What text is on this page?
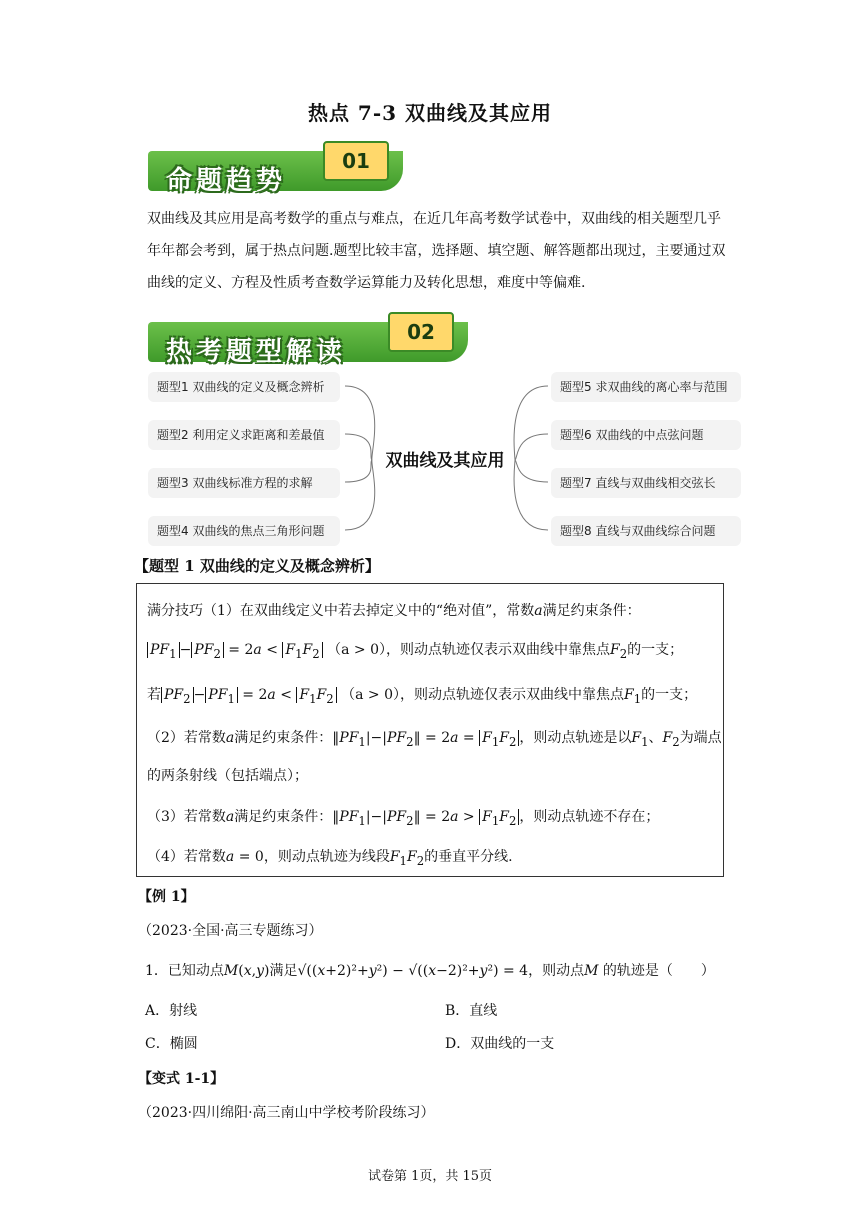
热点 7-3 双曲线及其应用
命题趋势
01
双曲线及其应用是高考数学的重点与难点，在近几年高考数学试卷中，双曲线的相关题型几乎年年都会考到，属于热点问题.题型比较丰富，选择题、填空题、解答题都出现过，主要通过双曲线的定义、方程及性质考查数学运算能力及转化思想，难度中等偏难.
热考题型解读
02
题型1 双曲线的定义及概念辨析
题型2 利用定义求距离和差最值
题型3 双曲线标准方程的求解
题型4 双曲线的焦点三角形问题
双曲线及其应用
题型5 求双曲线的离心率与范围
题型6 双曲线的中点弦问题
题型7 直线与双曲线相交弦长
题型8 直线与双曲线综合问题
【题型 1 双曲线的定义及概念辨析】
满分技巧（1）在双曲线定义中若去掉定义中的“绝对值”，常数a满足约束条件：
$PF_1 - PF_2 = 2a < F_1F_2$ （a > 0），则动点轨迹仅表示双曲线中靠焦点$F_2$的一支；
若 $PF_2 - PF_1 = 2a < F_1F_2$ （a > 0），则动点轨迹仅表示双曲线中靠焦点$F_1$的一支；
（2）若常数a满足约束条件：$‖PF_1|-|PF_2‖ = 2a = F_1F_2$ ，则动点轨迹是以$F_1$、$F_2$为端点
的两条射线（包括端点）；
（3）若常数a满足约束条件：$‖PF_1|-|PF_2‖ = 2a > F_1F_2$ ，则动点轨迹不存在；
（4）若常数a = 0，则动点轨迹为线段$F_1F_2$的垂直平分线.
【例 1】
（2023·全国·高三专题练习）
1．已知动点M(x,y)满足√((x+2)²+y²) − √((x−2)²+y²) = 4，则动点M 的轨迹是（　　）
A．射线	B．直线
C．椭圆	D．双曲线的一支
【变式 1-1】
（2023·四川绵阳·高三南山中学校考阶段练习）
试卷第 1页，共 15页
